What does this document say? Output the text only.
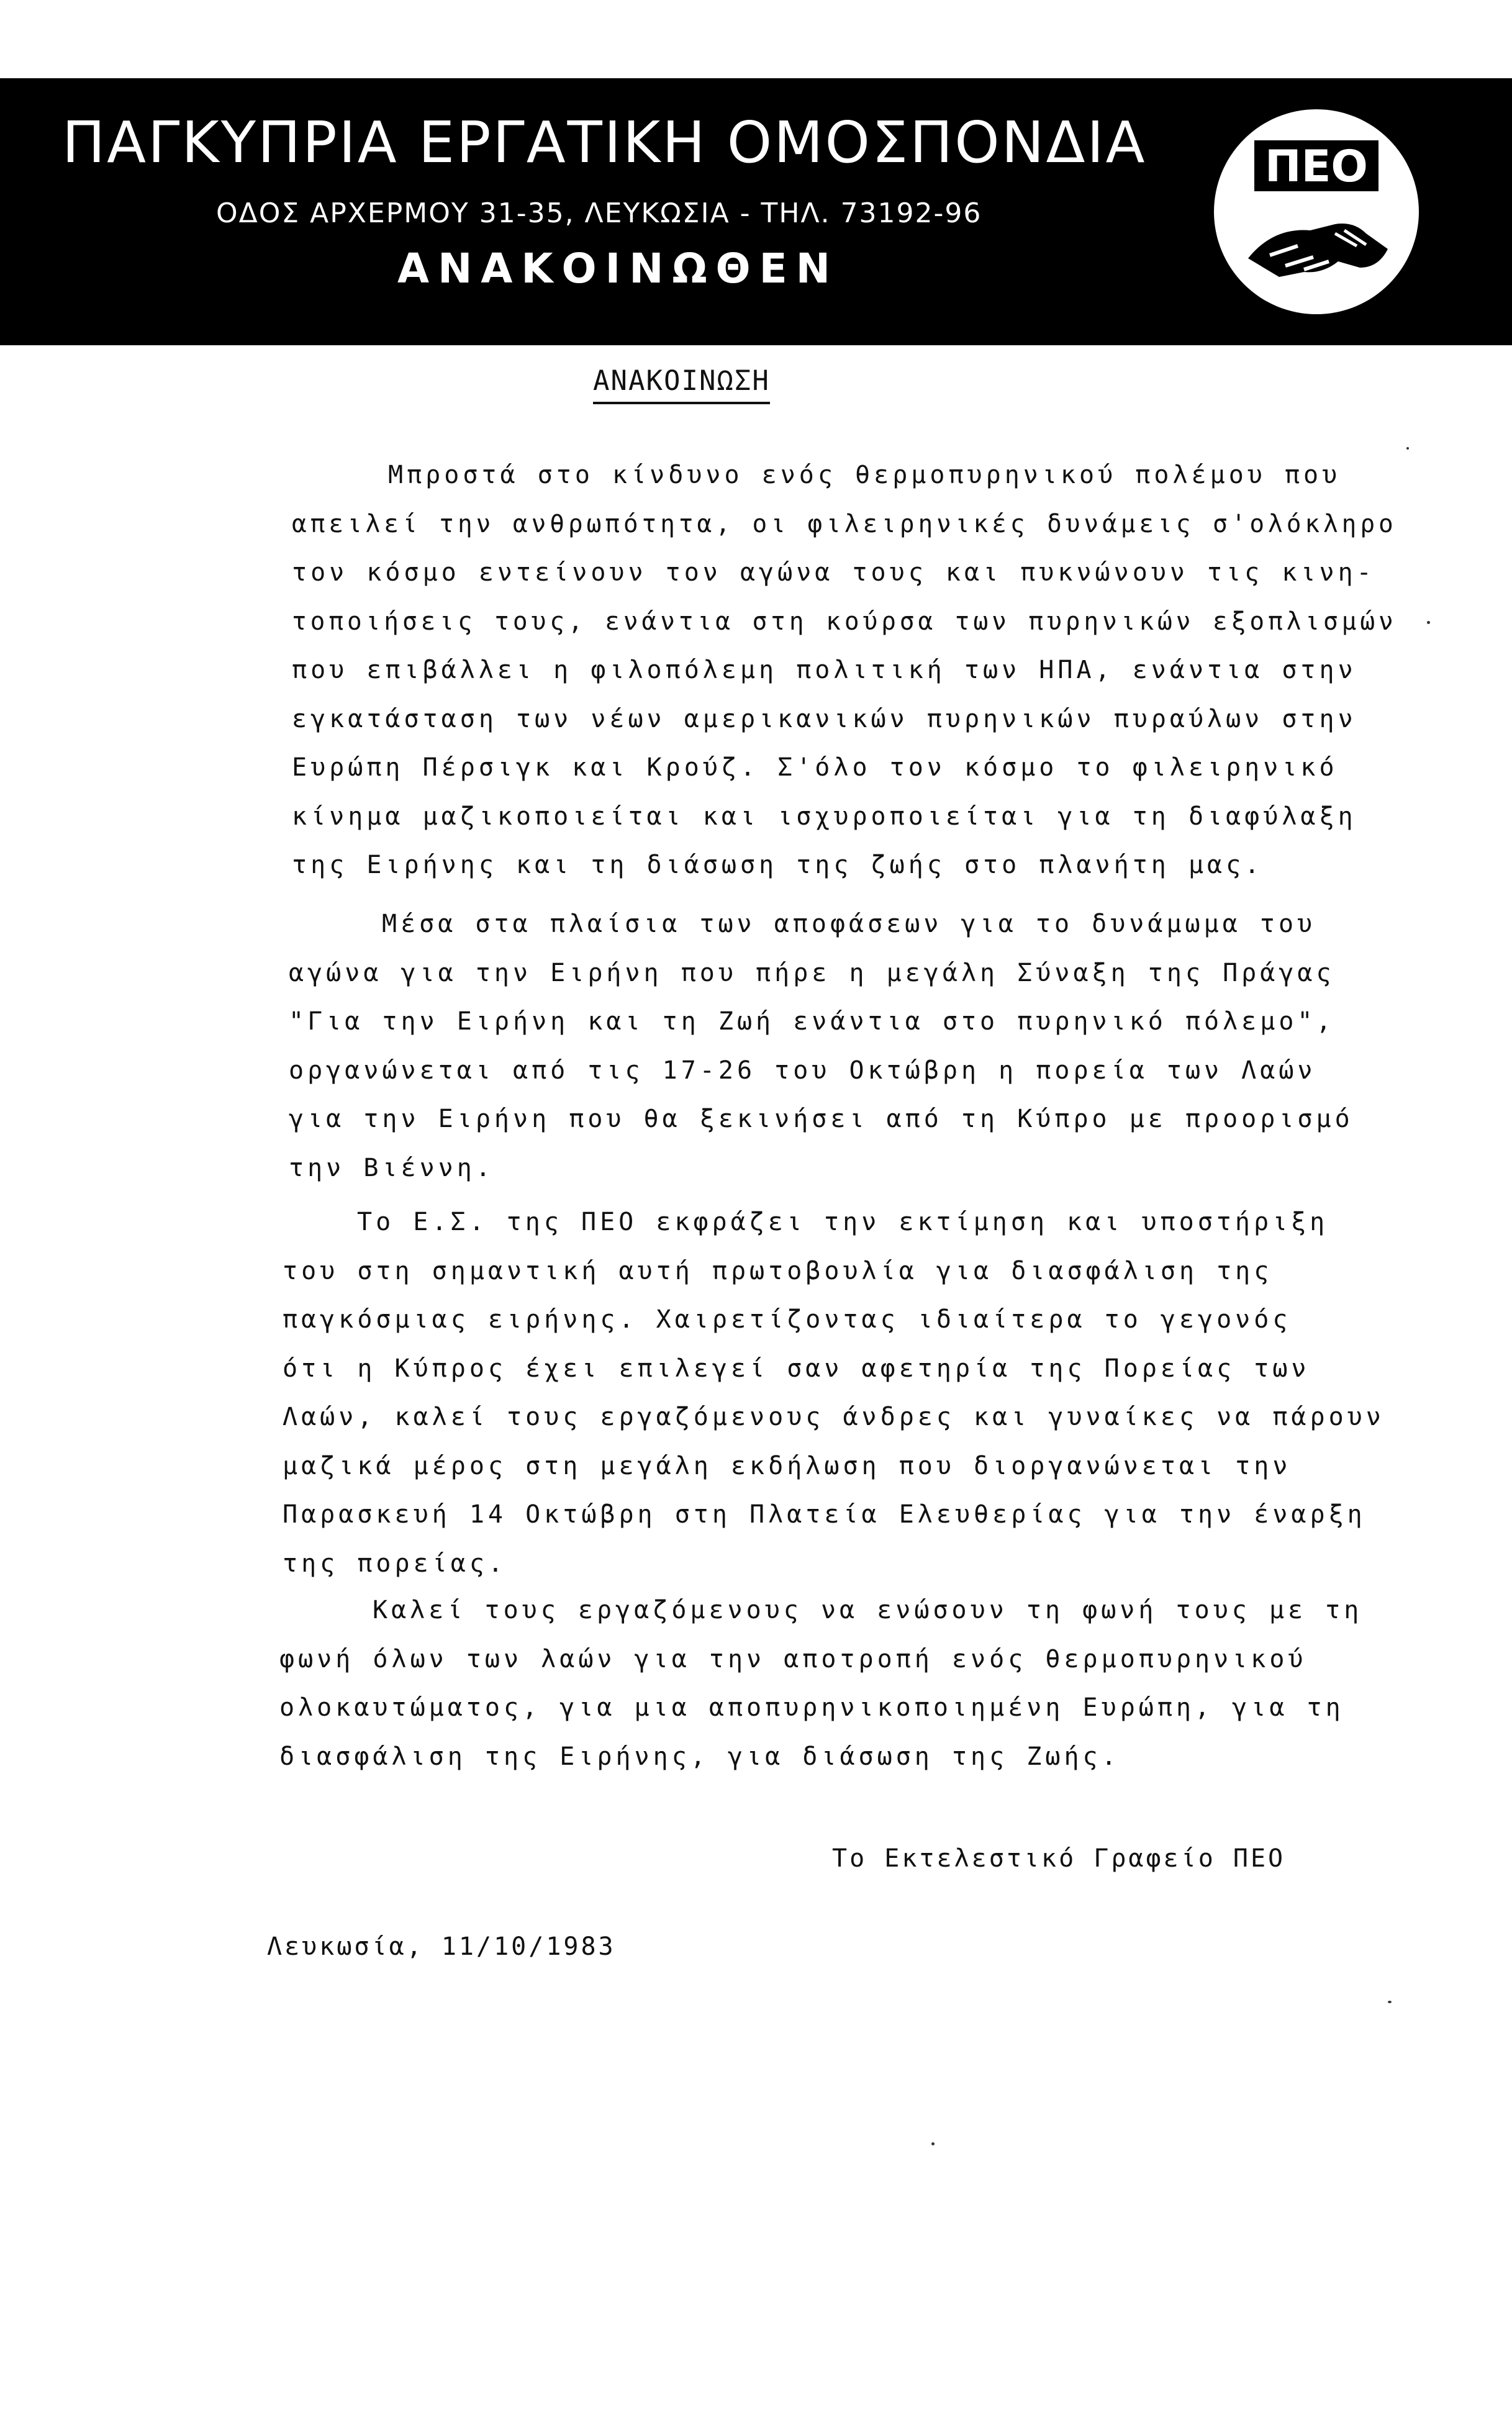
ΠΑΓΚΥΠΡΙΑ ΕΡΓΑΤΙΚΗ ΟΜΟΣΠΟΝΔΙΑ
ΟΔΟΣ ΑΡΧΕΡΜΟΥ 31-35, ΛΕΥΚΩΣΙΑ - ΤΗΛ. 73192-96
ΑΝΑΚΟΙΝΩΘΕΝ
ΠΕΟ
ΑΝΑΚΟΙΝΩΣΗ
Μπροστά στο κίνδυνο ενός θερμοπυρηνικού πολέμου που
απειλεί την ανθρωπότητα, οι φιλειρηνικές δυνάμεις σ'ολόκληρο
τον κόσμο εντείνουν τον αγώνα τους και πυκνώνουν τις κινη-
τοποιήσεις τους, ενάντια στη κούρσα των πυρηνικών εξοπλισμών
που επιβάλλει η φιλοπόλεμη πολιτική των ΗΠΑ, ενάντια στην
εγκατάσταση των νέων αμερικανικών πυρηνικών πυραύλων στην
Ευρώπη Πέρσιγκ και Κρούζ. Σ'όλο τον κόσμο το φιλειρηνικό
κίνημα μαζικοποιείται και ισχυροποιείται για τη διαφύλαξη
της Ειρήνης και τη διάσωση της ζωής στο πλανήτη μας.
Μέσα στα πλαίσια των αποφάσεων για το δυνάμωμα του
αγώνα για την Ειρήνη που πήρε η μεγάλη Σύναξη της Πράγας
"Για την Ειρήνη και τη Ζωή ενάντια στο πυρηνικό πόλεμο",
οργανώνεται από τις 17-26 του Οκτώβρη η πορεία των Λαών
για την Ειρήνη που θα ξεκινήσει από τη Κύπρο με προορισμό
την Βιέννη.
Το Ε.Σ. της ΠΕΟ εκφράζει την εκτίμηση και υποστήριξη
του στη σημαντική αυτή πρωτοβουλία για διασφάλιση της
παγκόσμιας ειρήνης. Χαιρετίζοντας ιδιαίτερα το γεγονός
ότι η Κύπρος έχει επιλεγεί σαν αφετηρία της Πορείας των
Λαών, καλεί τους εργαζόμενους άνδρες και γυναίκες να πάρουν
μαζικά μέρος στη μεγάλη εκδήλωση που διοργανώνεται την
Παρασκευή 14 Οκτώβρη στη Πλατεία Ελευθερίας για την έναρξη
της πορείας.
Καλεί τους εργαζόμενους να ενώσουν τη φωνή τους με τη
φωνή όλων των λαών για την αποτροπή ενός θερμοπυρηνικού
ολοκαυτώματος, για μια αποπυρηνικοποιημένη Ευρώπη, για τη
διασφάλιση της Ειρήνης, για διάσωση της Ζωής.
Το Εκτελεστικό Γραφείο ΠΕΟ
Λευκωσία, 11/10/1983
